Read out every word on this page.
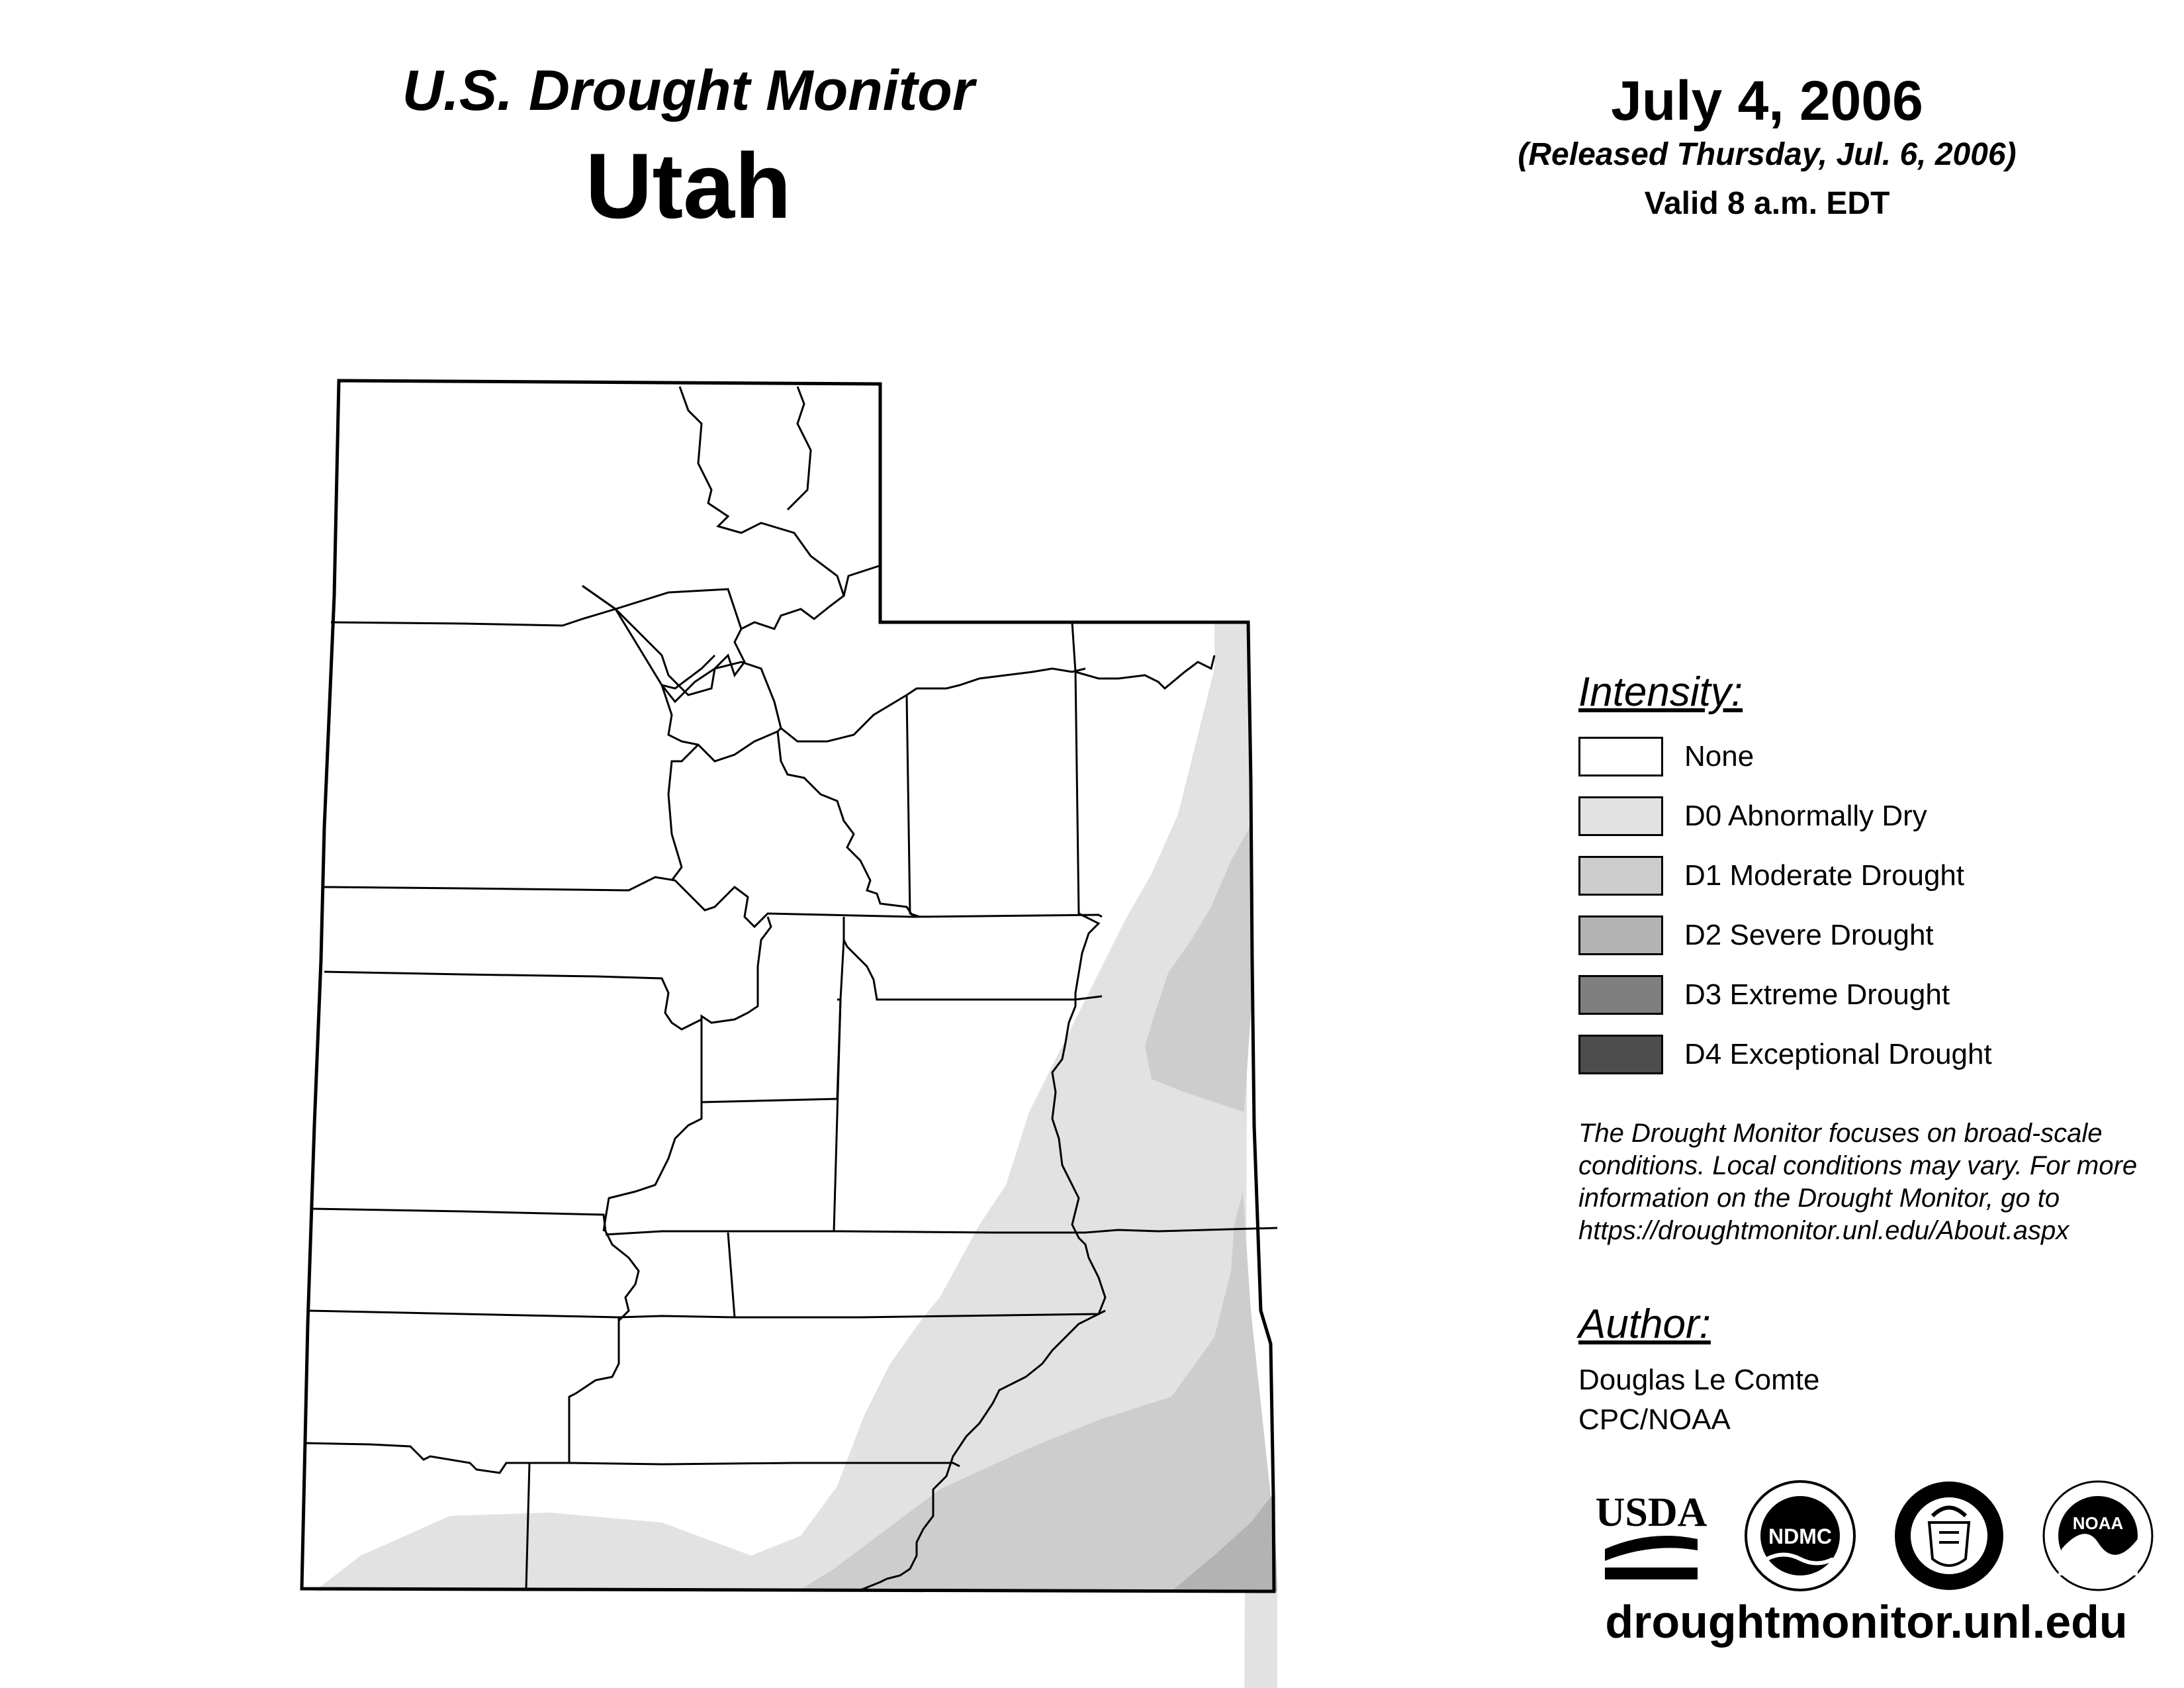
U.S. Drought Monitor
Utah
July 4, 2006
(Released Thursday, Jul. 6, 2006)
Valid 8 a.m. EDT
Intensity:
None
D0 Abnormally Dry
D1 Moderate Drought
D2 Severe Drought
D3 Extreme Drought
D4 Exceptional Drought
The Drought Monitor focuses on broad-scale
conditions. Local conditions may vary. For more
information on the Drought Monitor, go to
https://droughtmonitor.unl.edu/About.aspx
Author:
Douglas Le Comte
CPC/NOAA
USDA
NDMC
NOAA
droughtmonitor.unl.edu
